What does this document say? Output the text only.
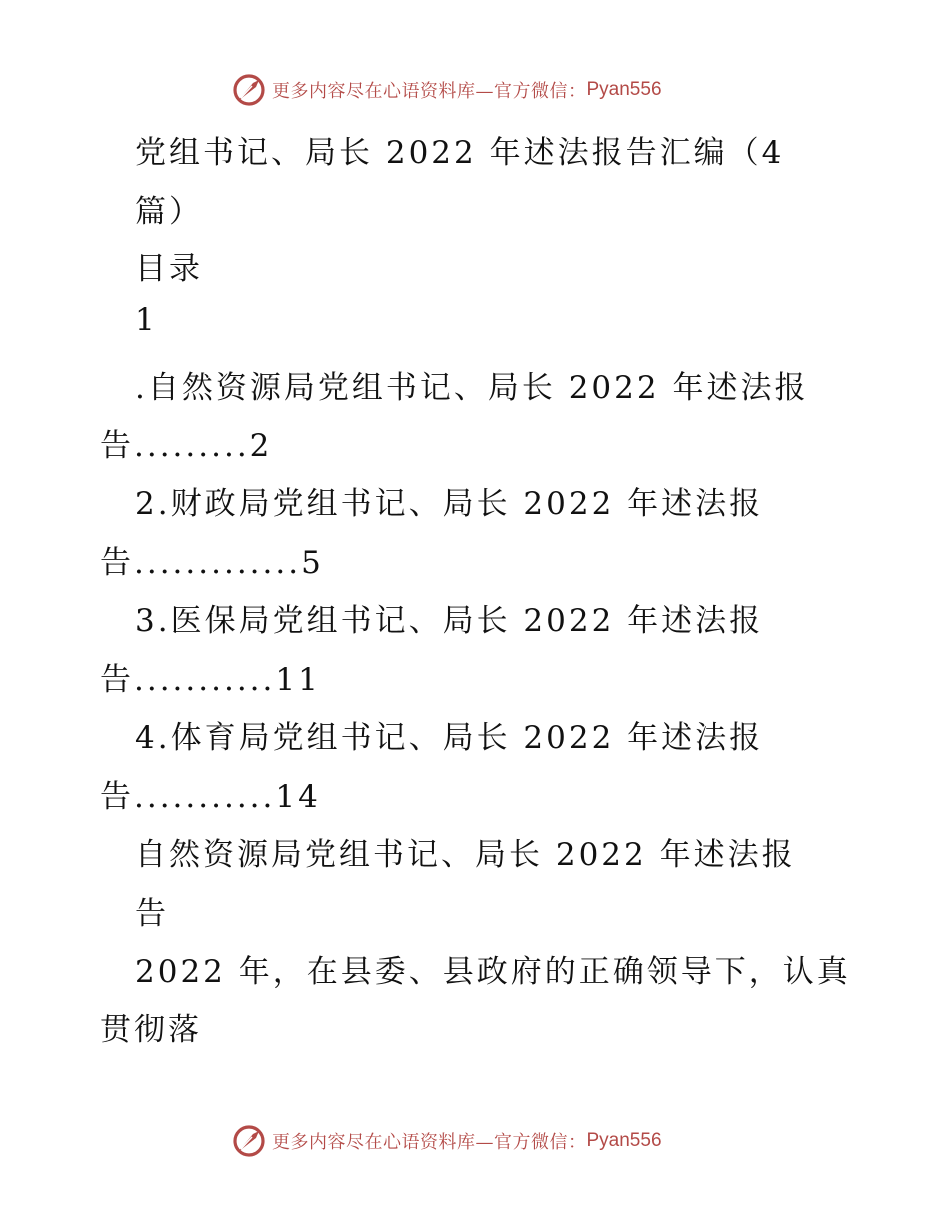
更多内容尽在心语资料库—官方微信： Pyan556
党组书记、局长 2022 年述法报告汇编（4
篇）
目录
1
.自然资源局党组书记、局长 2022 年述法报
告.........2
2.财政局党组书记、局长 2022 年述法报
告.............5
3.医保局党组书记、局长 2022 年述法报
告...........11
4.体育局党组书记、局长 2022 年述法报
告...........14
自然资源局党组书记、局长 2022 年述法报
告
2022 年，在县委、县政府的正确领导下，认真
贯彻落
更多内容尽在心语资料库—官方微信： Pyan556
